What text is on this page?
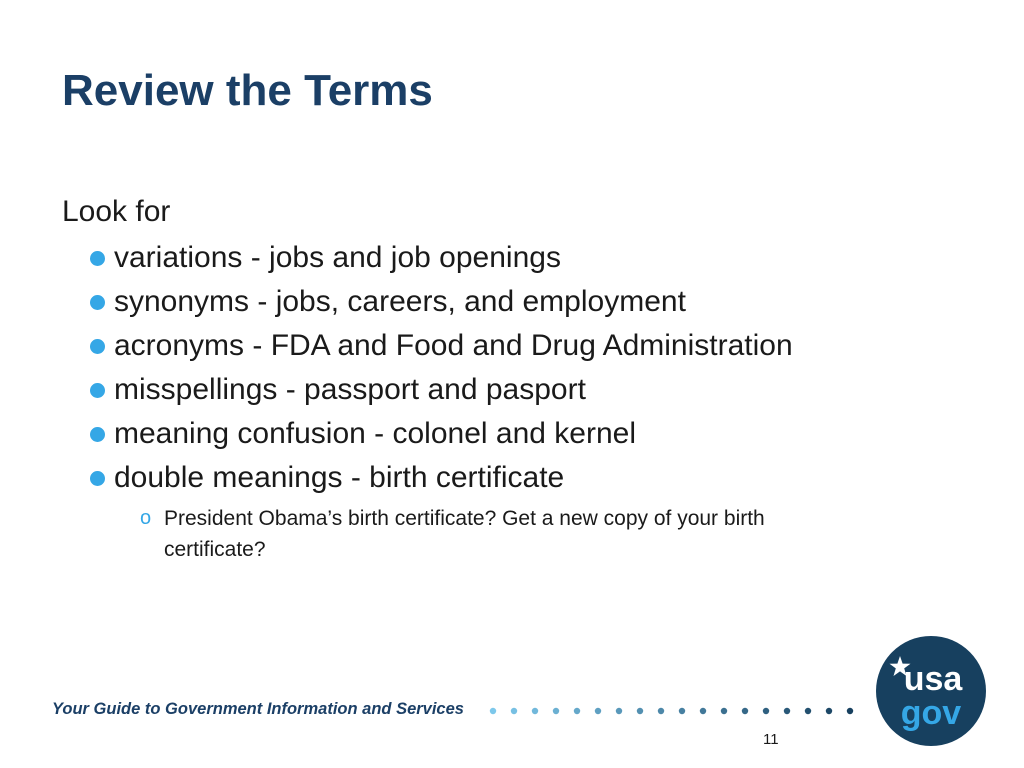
Review the Terms
Look for
variations - jobs and job openings
synonyms - jobs, careers, and employment
acronyms - FDA and Food and Drug Administration
misspellings - passport and pasport
meaning confusion - colonel and kernel
double meanings - birth certificate
o President Obama’s birth certificate? Get a new copy of your birth certificate?
Your Guide to Government Information and Services
11
usa
gov
